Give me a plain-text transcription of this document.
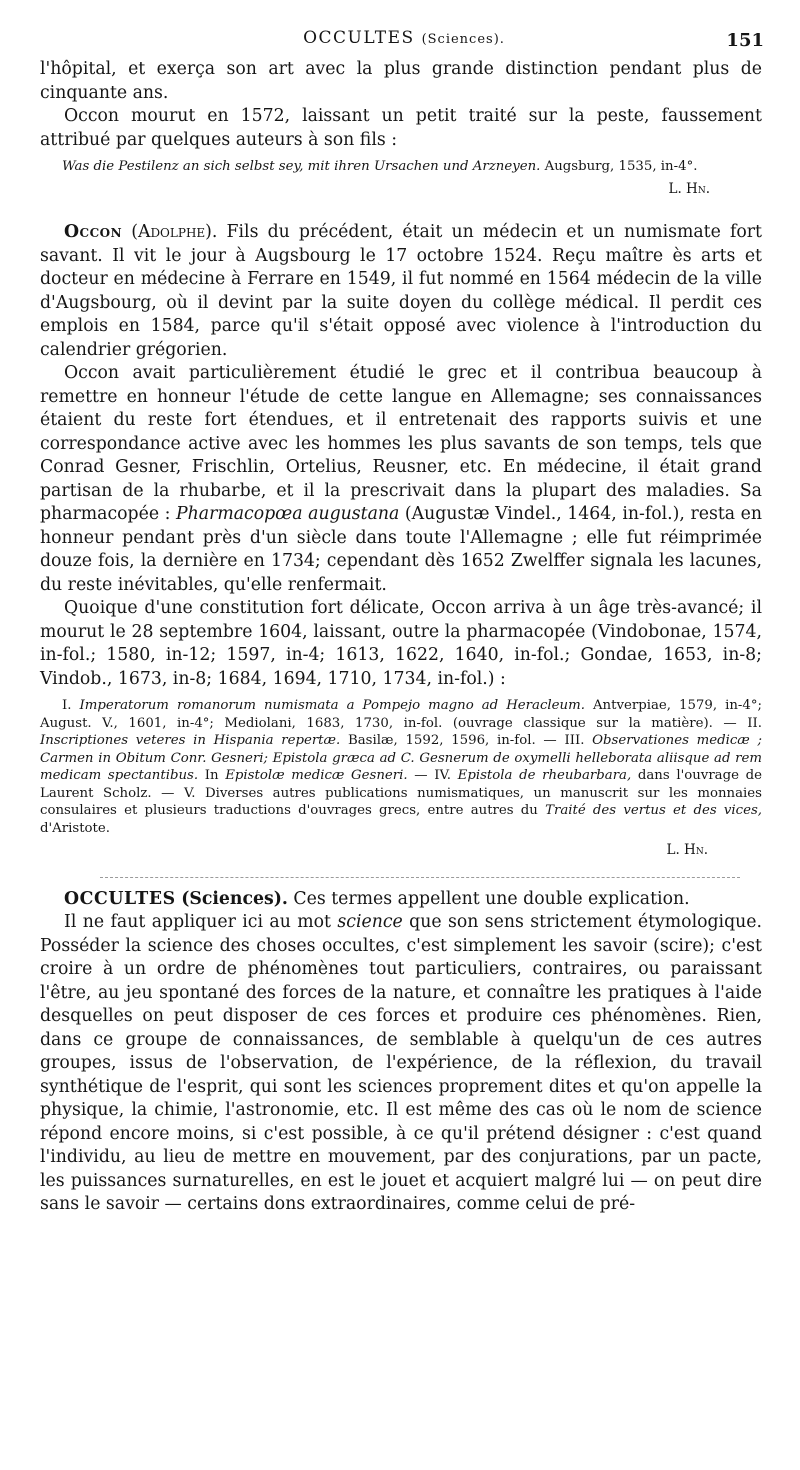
OCCULTES (Sciences).	151

l'hôpital, et exerça son art avec la plus grande distinction pendant plus de cinquante ans.

Occon mourut en 1572, laissant un petit traité sur la peste, faussement attribué par quelques auteurs à son fils :

Was die Pestilenz an sich selbst sey, mit ihren Ursachen und Arzneyen. Augsburg, 1535, in-4°.

L. Hn.

Occon (Adolphe). Fils du précédent, était un médecin et un numismate fort savant. Il vit le jour à Augsbourg le 17 octobre 1524. Reçu maître ès arts et docteur en médecine à Ferrare en 1549, il fut nommé en 1564 médecin de la ville d'Augsbourg, où il devint par la suite doyen du collège médical. Il perdit ces emplois en 1584, parce qu'il s'était opposé avec violence à l'introduction du calendrier grégorien.

Occon avait particulièrement étudié le grec et il contribua beaucoup à remettre en honneur l'étude de cette langue en Allemagne; ses connaissances étaient du reste fort étendues, et il entretenait des rapports suivis et une correspondance active avec les hommes les plus savants de son temps, tels que Conrad Gesner, Frischlin, Ortelius, Reusner, etc. En médecine, il était grand partisan de la rhubarbe, et il la prescrivait dans la plupart des maladies. Sa pharmacopée : Pharmacopœa augustana (Augustæ Vindel., 1464, in-fol.), resta en honneur pendant près d'un siècle dans toute l'Allemagne ; elle fut réimprimée douze fois, la dernière en 1734; cependant dès 1652 Zwelffer signala les lacunes, du reste inévitables, qu'elle renfermait.

Quoique d'une constitution fort délicate, Occon arriva à un âge très-avancé; il mourut le 28 septembre 1604, laissant, outre la pharmacopée (Vindobonae, 1574, in-fol.; 1580, in-12; 1597, in-4; 1613, 1622, 1640, in-fol.; Gondae, 1653, in-8; Vindob., 1673, in-8; 1684, 1694, 1710, 1734, in-fol.) :

I. Imperatorum romanorum numismata a Pompejo magno ad Heracleum. Antverpiae, 1579, in-4°; August. V., 1601, in-4°; Mediolani, 1683, 1730, in-fol. (ouvrage classique sur la matière). — II. Inscriptiones veteres in Hispania repertæ. Basilæ, 1592, 1596, in-fol. — III. Observationes medicæ ; Carmen in Obitum Conr. Gesneri; Epistola græca ad C. Gesnerum de oxymelli helleborata aliisque ad rem medicam spectantibus. In Epistolæ medicæ Gesneri. — IV. Epistola de rheubarbara, dans l'ouvrage de Laurent Scholz. — V. Diverses autres publications numismatiques, un manuscrit sur les monnaies consulaires et plusieurs traductions d'ouvrages grecs, entre autres du Traité des vertus et des vices, d'Aristote.

L. Hn.

OCCULTES (Sciences). Ces termes appellent une double explication.

Il ne faut appliquer ici au mot science que son sens strictement étymologique. Posséder la science des choses occultes, c'est simplement les savoir (scire); c'est croire à un ordre de phénomènes tout particuliers, contraires, ou paraissant l'être, au jeu spontané des forces de la nature, et connaître les pratiques à l'aide desquelles on peut disposer de ces forces et produire ces phénomènes. Rien, dans ce groupe de connaissances, de semblable à quelqu'un de ces autres groupes, issus de l'observation, de l'expérience, de la réflexion, du travail synthétique de l'esprit, qui sont les sciences proprement dites et qu'on appelle la physique, la chimie, l'astronomie, etc. Il est même des cas où le nom de science répond encore moins, si c'est possible, à ce qu'il prétend désigner : c'est quand l'individu, au lieu de mettre en mouvement, par des conjurations, par un pacte, les puissances surnaturelles, en est le jouet et acquiert malgré lui — on peut dire sans le savoir — certains dons extraordinaires, comme celui de pré-
